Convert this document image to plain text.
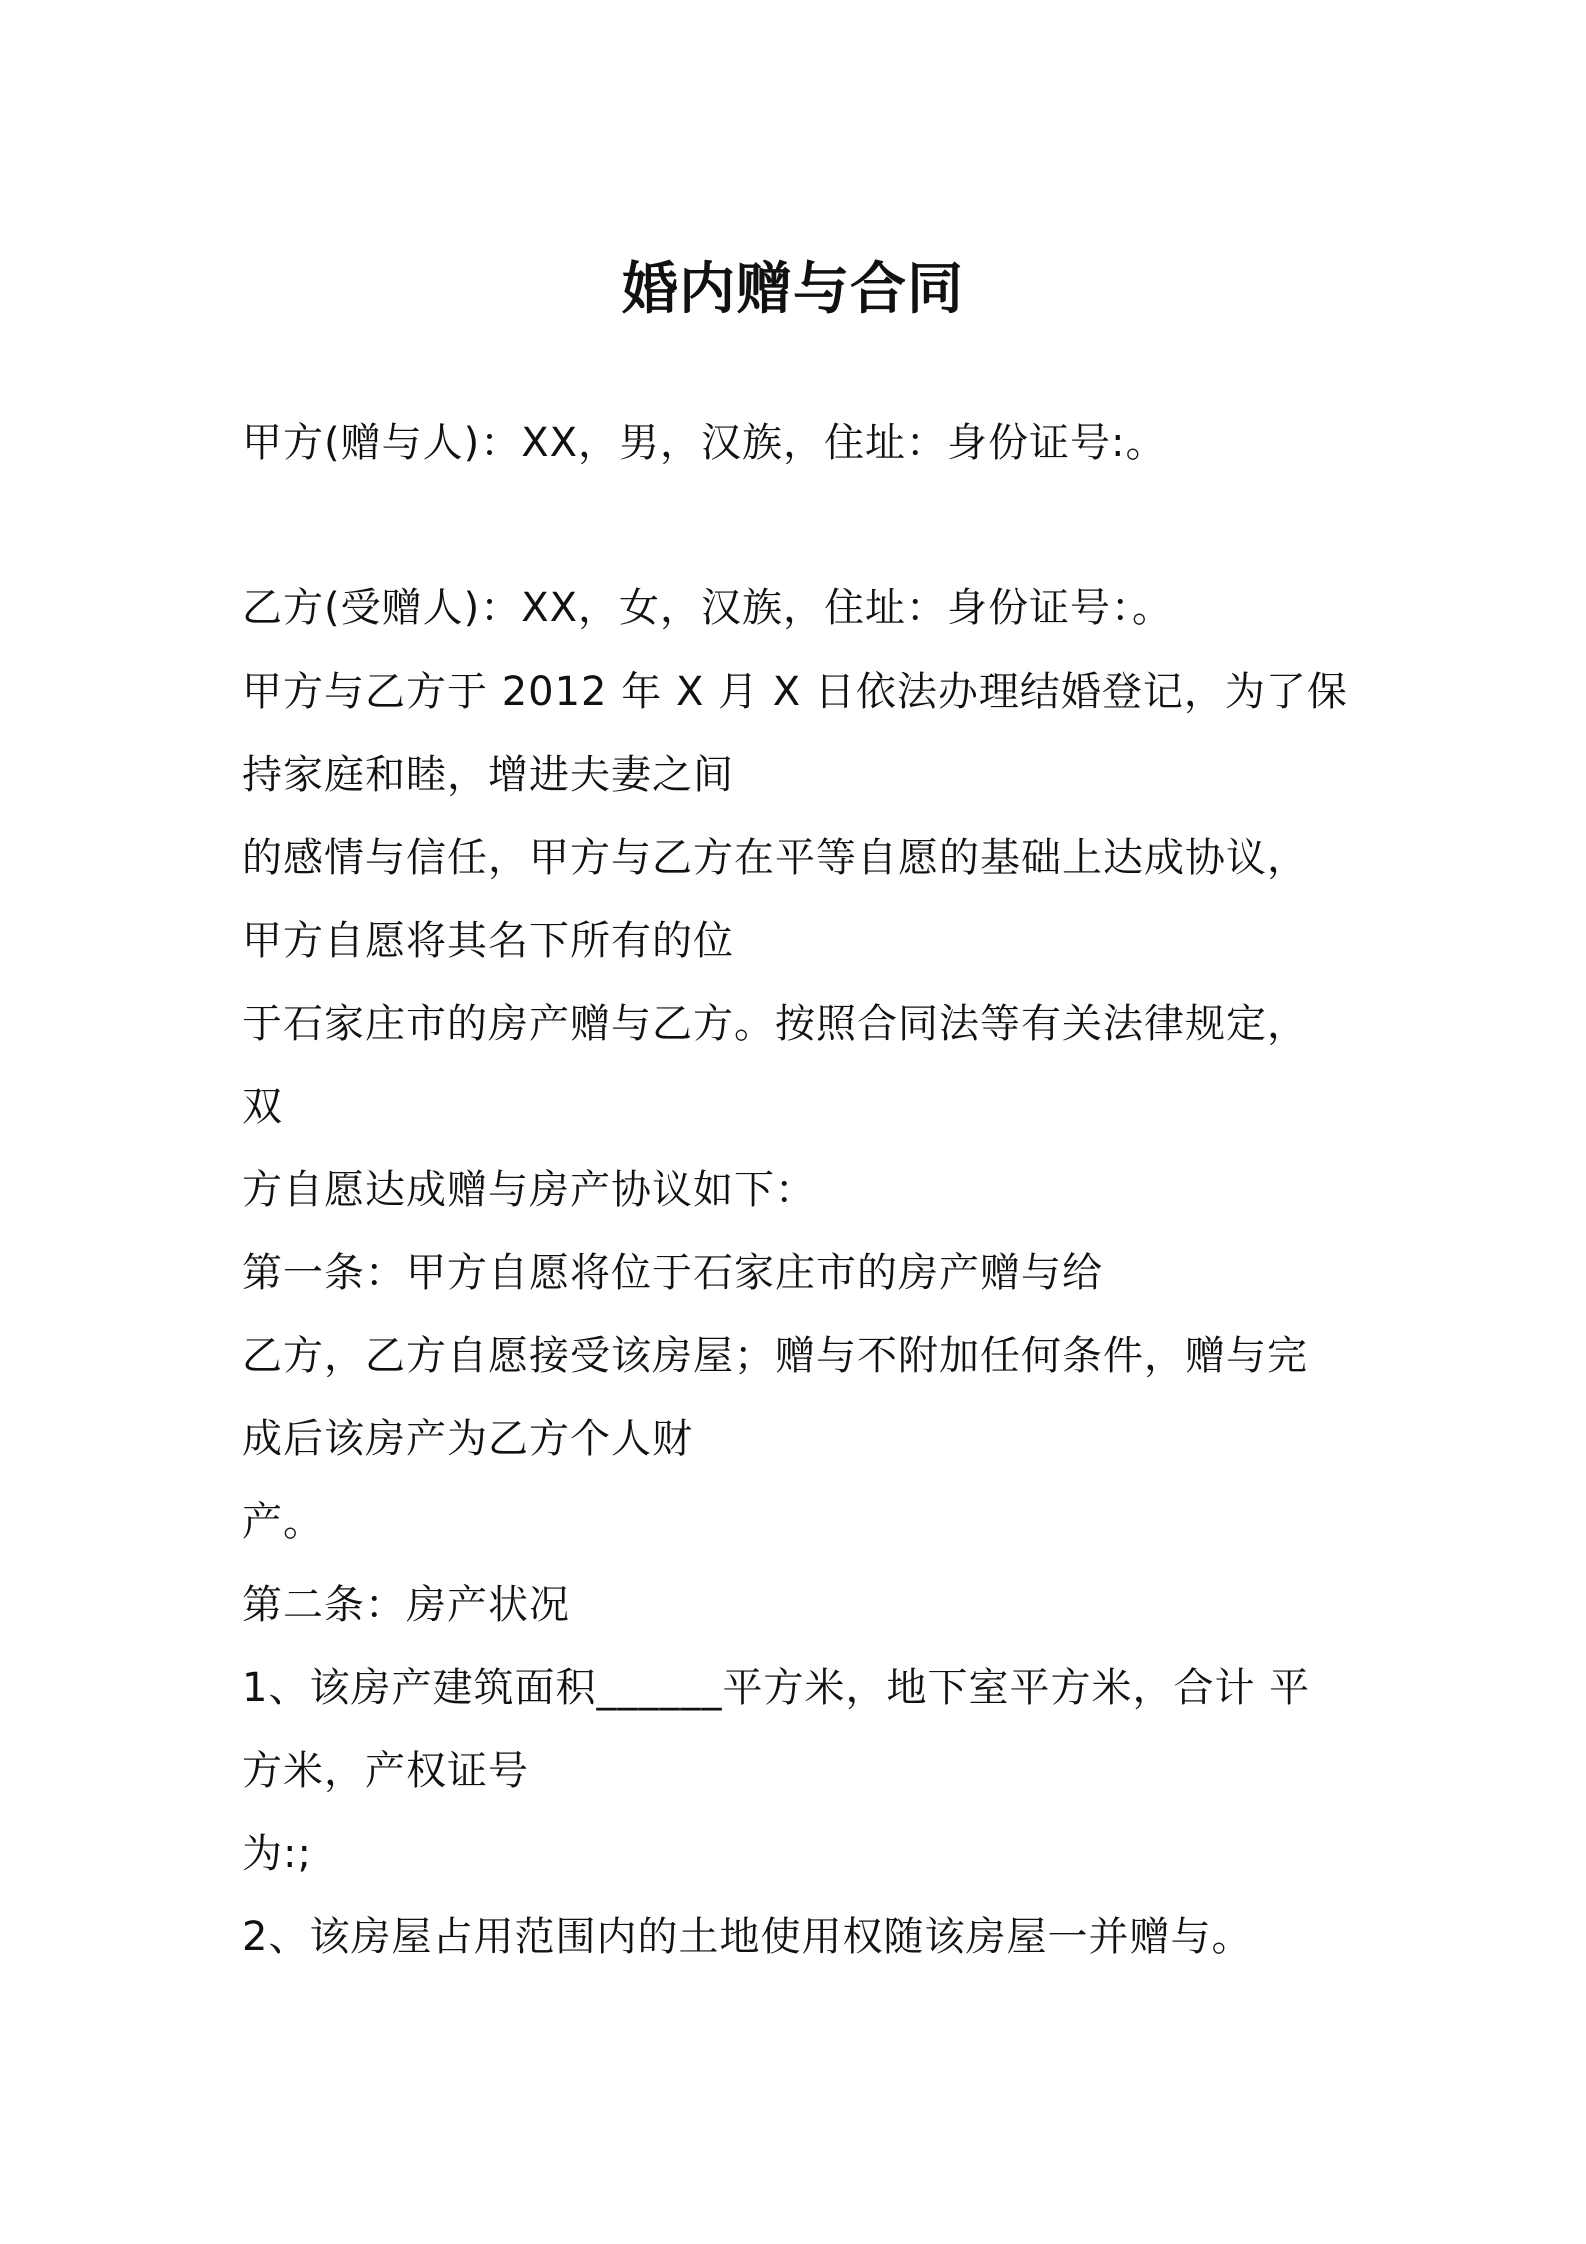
婚内赠与合同
甲方(赠与人)：XX，男，汉族，住址：身份证号:。
乙方(受赠人)：XX，女，汉族，住址：身份证号：。
甲方与乙方于 2012 年 X 月 X 日依法办理结婚登记，为了保
持家庭和睦，增进夫妻之间
的感情与信任，甲方与乙方在平等自愿的基础上达成协议，
甲方自愿将其名下所有的位
于石家庄市的房产赠与乙方。按照合同法等有关法律规定，
双
方自愿达成赠与房产协议如下：
第一条：甲方自愿将位于石家庄市的房产赠与给
乙方，乙方自愿接受该房屋；赠与不附加任何条件，赠与完
成后该房产为乙方个人财
产。
第二条：房产状况
1、该房产建筑面积______平方米，地下室平方米，合计 平
方米，产权证号
为:;
2、该房屋占用范围内的土地使用权随该房屋一并赠与。
